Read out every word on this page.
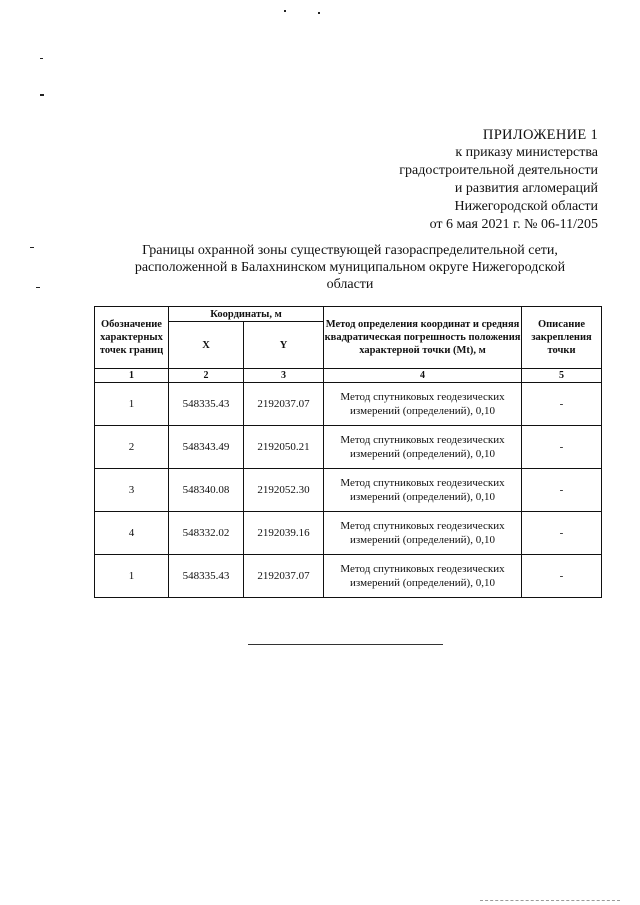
ПРИЛОЖЕНИЕ 1
к приказу министерства
градостроительной деятельности
и развития агломераций
Нижегородской области
от 6 мая 2021 г. № 06-11/205
Границы охранной зоны существующей газораспределительной сети,
расположенной в Балахнинском муниципальном округе Нижегородской
области
Обозначение характерных точек границ	Координаты, м		Метод определения координат и средняя квадратическая погрешность положения характерной точки (Mt), м	Описание закрепления точки
	X	Y		
1	2	3	4	5
1	548335.43	2192037.07	Метод спутниковых геодезических измерений (определений), 0,10	-
2	548343.49	2192050.21	Метод спутниковых геодезических измерений (определений), 0,10	-
3	548340.08	2192052.30	Метод спутниковых геодезических измерений (определений), 0,10	-
4	548332.02	2192039.16	Метод спутниковых геодезических измерений (определений), 0,10	-
1	548335.43	2192037.07	Метод спутниковых геодезических измерений (определений), 0,10	-
